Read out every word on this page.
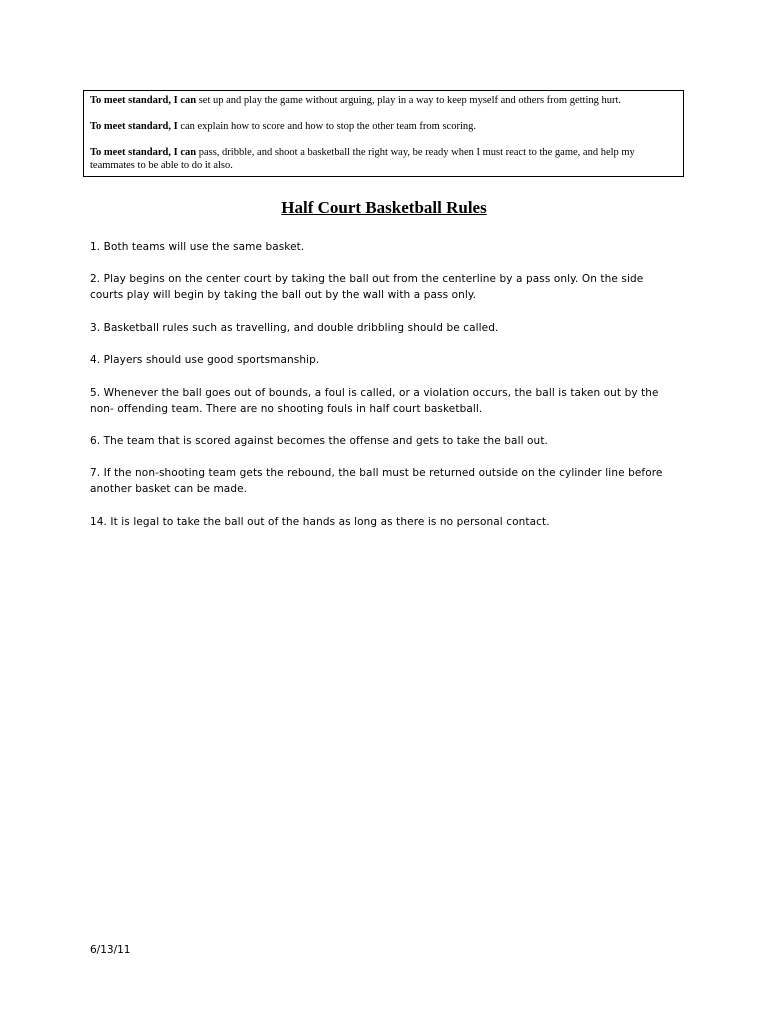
To meet standard, I can set up and play the game without arguing, play in a way to keep myself and others from getting hurt.

To meet standard, I can explain how to score and how to stop the other team from scoring.

To meet standard, I can pass, dribble, and shoot a basketball the right way, be ready when I must react to the game, and help my teammates to be able to do it also.

Half Court Basketball Rules

1. Both teams will use the same basket.

2. Play begins on the center court by taking the ball out from the centerline by a pass only. On the side courts play will begin by taking the ball out by the wall with a pass only.

3. Basketball rules such as travelling, and double dribbling should be called.

4. Players should use good sportsmanship.

5. Whenever the ball goes out of bounds, a foul is called, or a violation occurs, the ball is taken out by the non- offending team. There are no shooting fouls in half court basketball.

6. The team that is scored against becomes the offense and gets to take the ball out.

7. If the non-shooting team gets the rebound, the ball must be returned outside on the cylinder line before another basket can be made.

14. It is legal to take the ball out of the hands as long as there is no personal contact.

6/13/11
